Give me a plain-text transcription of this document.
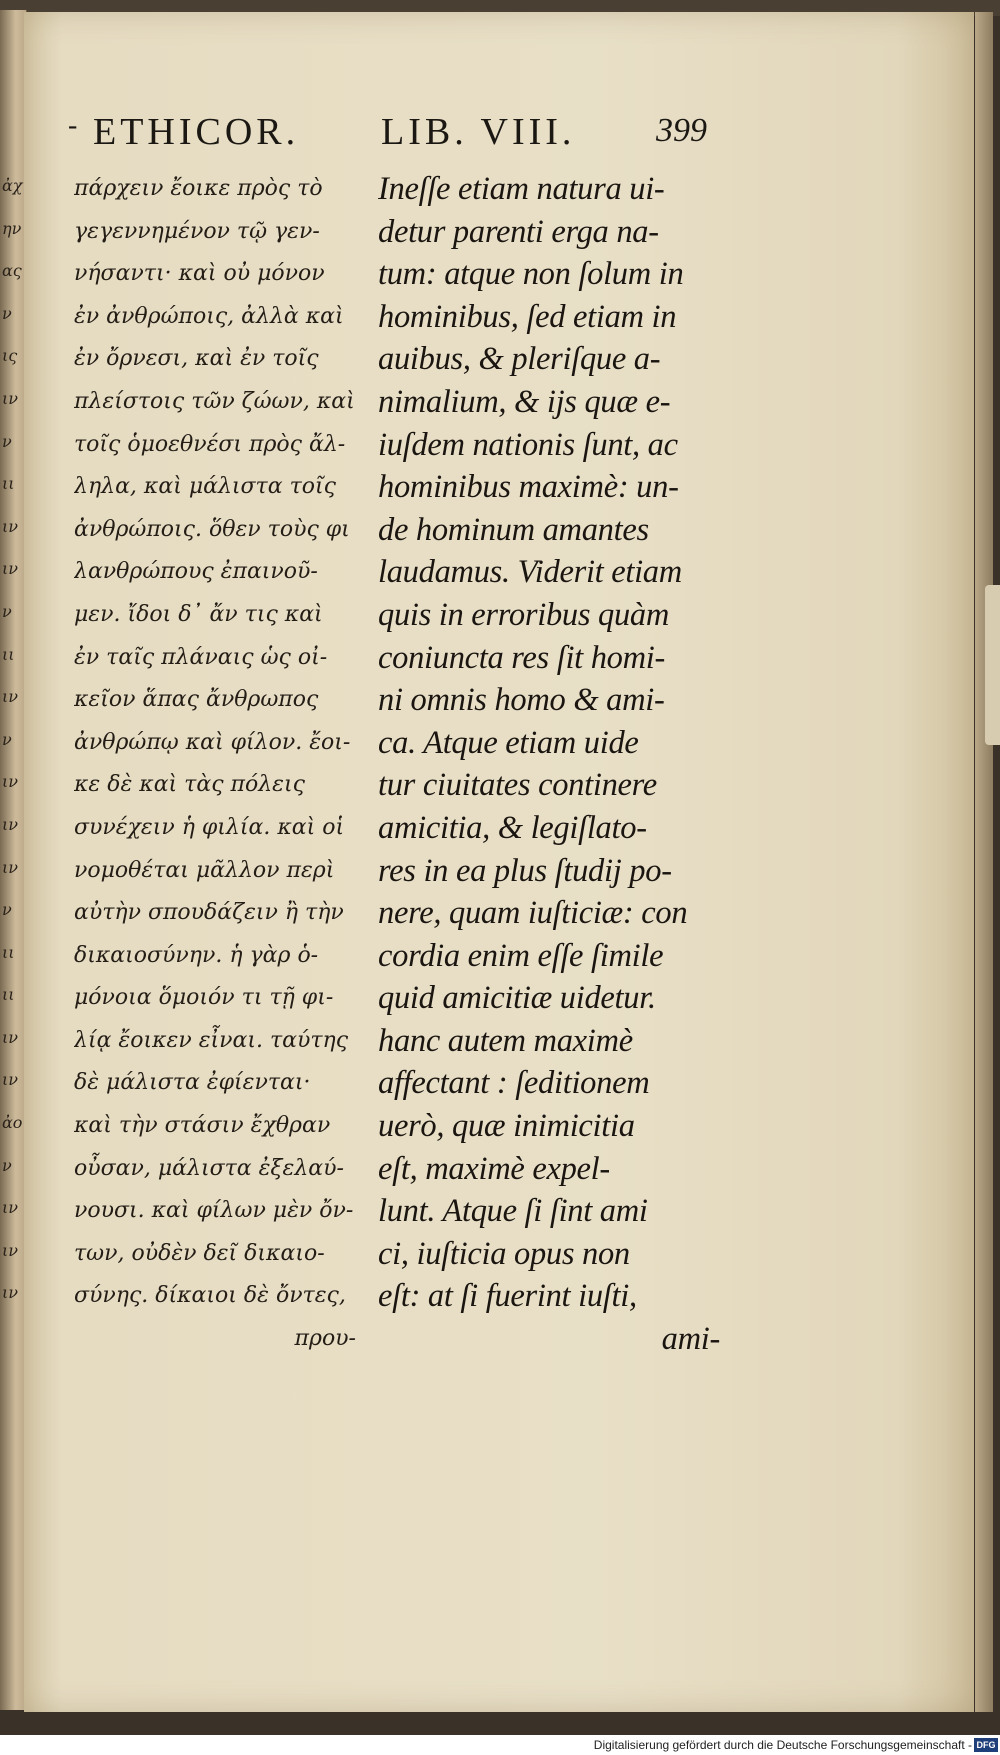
ἀχ
ην
ας
ν
ις
ιν
ν
ιι
ιν
ιν
ν
ιι
ιν
ν
ιν
ιν
ιν
ν
ιι
ιι
ιν
ιν
ἀο
ν
ιν
ιν
ιν
- ETHICOR. LIB. VIII. 399
πάρχειν ἔοικε πρὸς τὸ
γεγεννημένον τῷ γεν-
νήσαντι· καὶ οὐ μόνον
ἐν ἀνθρώποις, ἀλλὰ καὶ
ἐν ὄρνεσι, καὶ ἐν τοῖς
πλείστοις τῶν ζώων, καὶ
τοῖς ὁμοεθνέσι πρὸς ἄλ-
ληλα, καὶ μάλιστα τοῖς
ἀνθρώποις. ὅθεν τοὺς φι
λανθρώπους ἐπαινοῦ-
μεν. ἴδοι δ᾽ ἄν τις καὶ
ἐν ταῖς πλάναις ὡς οἰ-
κεῖον ἅπας ἄνθρωπος
ἀνθρώπῳ καὶ φίλον. ἔοι-
κε δὲ καὶ τὰς πόλεις
συνέχειν ἡ φιλία. καὶ οἱ
νομοθέται μᾶλλον περὶ
αὐτὴν σπουδάζειν ἢ τὴν
δικαιοσύνην. ἡ γὰρ ὁ-
μόνοια ὅμοιόν τι τῇ φι-
λίᾳ ἔοικεν εἶναι. ταύτης
δὲ μάλιστα ἐφίενται·
καὶ τὴν στάσιν ἔχθραν
οὖσαν, μάλιστα ἐξελαύ-
νουσι. καὶ φίλων μὲν ὄν-
των, οὐδὲν δεῖ δικαιο-
σύνης. δίκαιοι δὲ ὄντες,
πρου-
Ineſſe etiam natura ui-
detur parenti erga na-
tum: atque non ſolum in
hominibus, ſed etiam in
auibus, & pleriſque a-
nimalium, & ijs quæ e-
iuſdem nationis ſunt, ac
hominibus maximè: un-
de hominum amantes
laudamus. Viderit etiam
quis in erroribus quàm
coniuncta res ſit homi-
ni omnis homo & ami-
ca. Atque etiam uide
tur ciuitates continere
amicitia, & legiſlato-
res in ea plus ſtudij po-
nere, quam iuſticiæ: con
cordia enim eſſe ſimile
quid amicitiæ uidetur.
hanc autem maximè
affectant : ſeditionem
uerò, quæ inimicitia
eſt, maximè expel-
lunt. Atque ſi ſint ami
ci, iuſticia opus non
eſt: at ſi fuerint iuſti,
ami-
Digitalisierung gefördert durch die Deutsche Forschungsgemeinschaft - DFG
